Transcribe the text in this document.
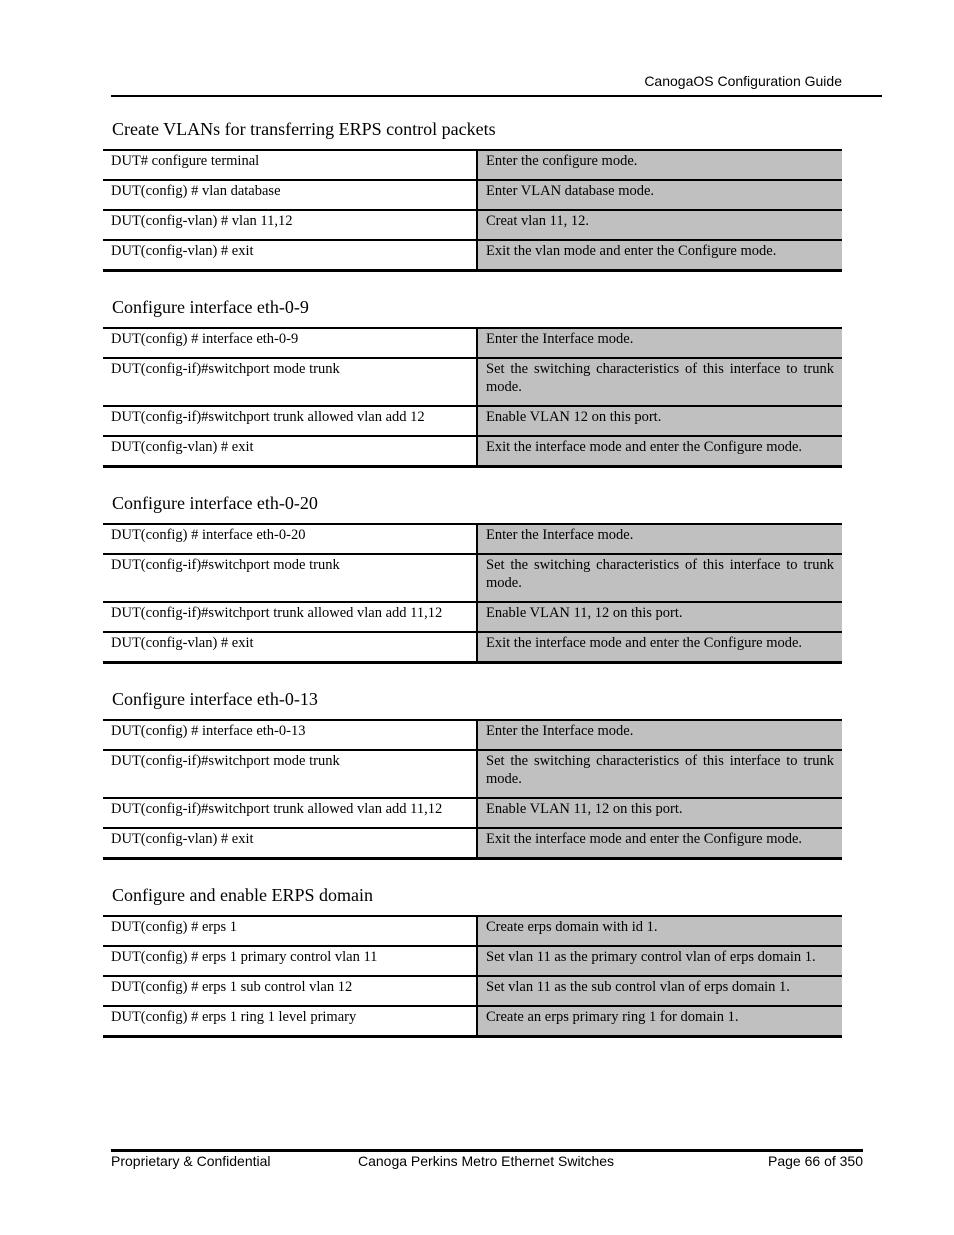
CanogaOS Configuration Guide
Create VLANs for transferring ERPS control packets
DUT# configure terminal	Enter the configure mode.
DUT(config) # vlan database	Enter VLAN database mode.
DUT(config-vlan) # vlan 11,12	Creat vlan 11, 12.
DUT(config-vlan) # exit	Exit the vlan mode and enter the Configure mode.
Configure interface eth-0-9
DUT(config) # interface eth-0-9	Enter the Interface mode.
DUT(config-if)#switchport mode trunk	Set the switching characteristics of this interface to trunk mode.
DUT(config-if)#switchport trunk allowed vlan add 12	Enable VLAN 12 on this port.
DUT(config-vlan) # exit	Exit the interface mode and enter the Configure mode.
Configure interface eth-0-20
DUT(config) # interface eth-0-20	Enter the Interface mode.
DUT(config-if)#switchport mode trunk	Set the switching characteristics of this interface to trunk mode.
DUT(config-if)#switchport trunk allowed vlan add 11,12	Enable VLAN 11, 12 on this port.
DUT(config-vlan) # exit	Exit the interface mode and enter the Configure mode.
Configure interface eth-0-13
DUT(config) # interface eth-0-13	Enter the Interface mode.
DUT(config-if)#switchport mode trunk	Set the switching characteristics of this interface to trunk mode.
DUT(config-if)#switchport trunk allowed vlan add 11,12	Enable VLAN 11, 12 on this port.
DUT(config-vlan) # exit	Exit the interface mode and enter the Configure mode.
Configure and enable ERPS domain
DUT(config) # erps 1	Create erps domain with id 1.
DUT(config) # erps 1 primary control vlan 11	Set vlan 11 as the primary control vlan of erps domain 1.
DUT(config) # erps 1 sub control vlan 12	Set vlan 11 as the sub control vlan of erps domain 1.
DUT(config) # erps 1 ring 1 level primary	Create an erps primary ring 1 for domain 1.
Proprietary & Confidential	Canoga Perkins Metro Ethernet Switches	Page 66 of 350
